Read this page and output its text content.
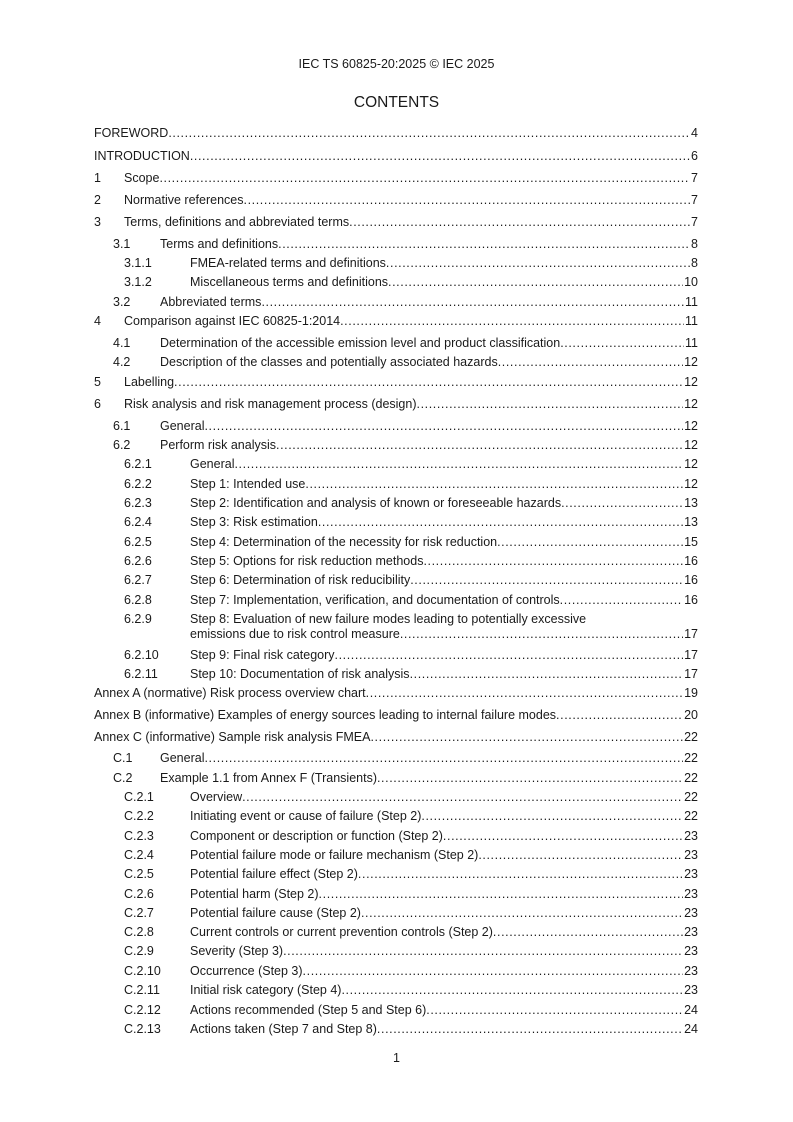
IEC TS 60825-20:2025 © IEC 2025
CONTENTS
FOREWORD .....	4
INTRODUCTION .....	6
1 Scope .....	7
2 Normative references .....	7
3 Terms, definitions and abbreviated terms .....	7
3.1 Terms and definitions .....	8
3.1.1	FMEA-related terms and definitions .....	8
3.1.2	Miscellaneous terms and definitions .....	10
3.2 Abbreviated terms .....	11
4 Comparison against IEC 60825-1:2014 .....	11
4.1 Determination of the accessible emission level and product classification .....	11
4.2 Description of the classes and potentially associated hazards .....	12
5 Labelling .....	12
6 Risk analysis and risk management process (design) .....	12
6.1 General .....	12
6.2 Perform risk analysis .....	12
6.2.1	General .....	12
6.2.2	Step 1: Intended use .....	12
6.2.3	Step 2: Identification and analysis of known or foreseeable hazards .....	13
6.2.4	Step 3: Risk estimation .....	13
6.2.5	Step 4: Determination of the necessity for risk reduction .....	15
6.2.6	Step 5: Options for risk reduction methods .....	16
6.2.7	Step 6: Determination of risk reducibility .....	16
6.2.8	Step 7: Implementation, verification, and documentation of controls .....	16
6.2.9	Step 8: Evaluation of new failure modes leading to potentially excessive
emissions due to risk control measure .....	17
6.2.10 Step 9: Final risk category .....	17
6.2.11	Step 10: Documentation of risk analysis .....	17
Annex A (normative) Risk process overview chart .....	19
Annex B (informative) Examples of energy sources leading to internal failure modes .....	20
Annex C (informative) Sample risk analysis FMEA .....	22
C.1 General .....	22
C.2 Example 1.1 from Annex F (Transients) .....	22
C.2.1	Overview .....	22
C.2.2	Initiating event or cause of failure (Step 2) .....	22
C.2.3	Component or description or function (Step 2) .....	23
C.2.4	Potential failure mode or failure mechanism (Step 2) .....	23
C.2.5	Potential failure effect (Step 2) .....	23
C.2.6	Potential harm (Step 2) .....	23
C.2.7	Potential failure cause (Step 2) .....	23
C.2.8	Current controls or current prevention controls (Step 2) .....	23
C.2.9	Severity (Step 3) .....	23
C.2.10 Occurrence (Step 3) .....	23
C.2.11 Initial risk category (Step 4) .....	23
C.2.12 Actions recommended (Step 5 and Step 6) .....	24
C.2.13 Actions taken (Step 7 and Step 8) .....	24
1
